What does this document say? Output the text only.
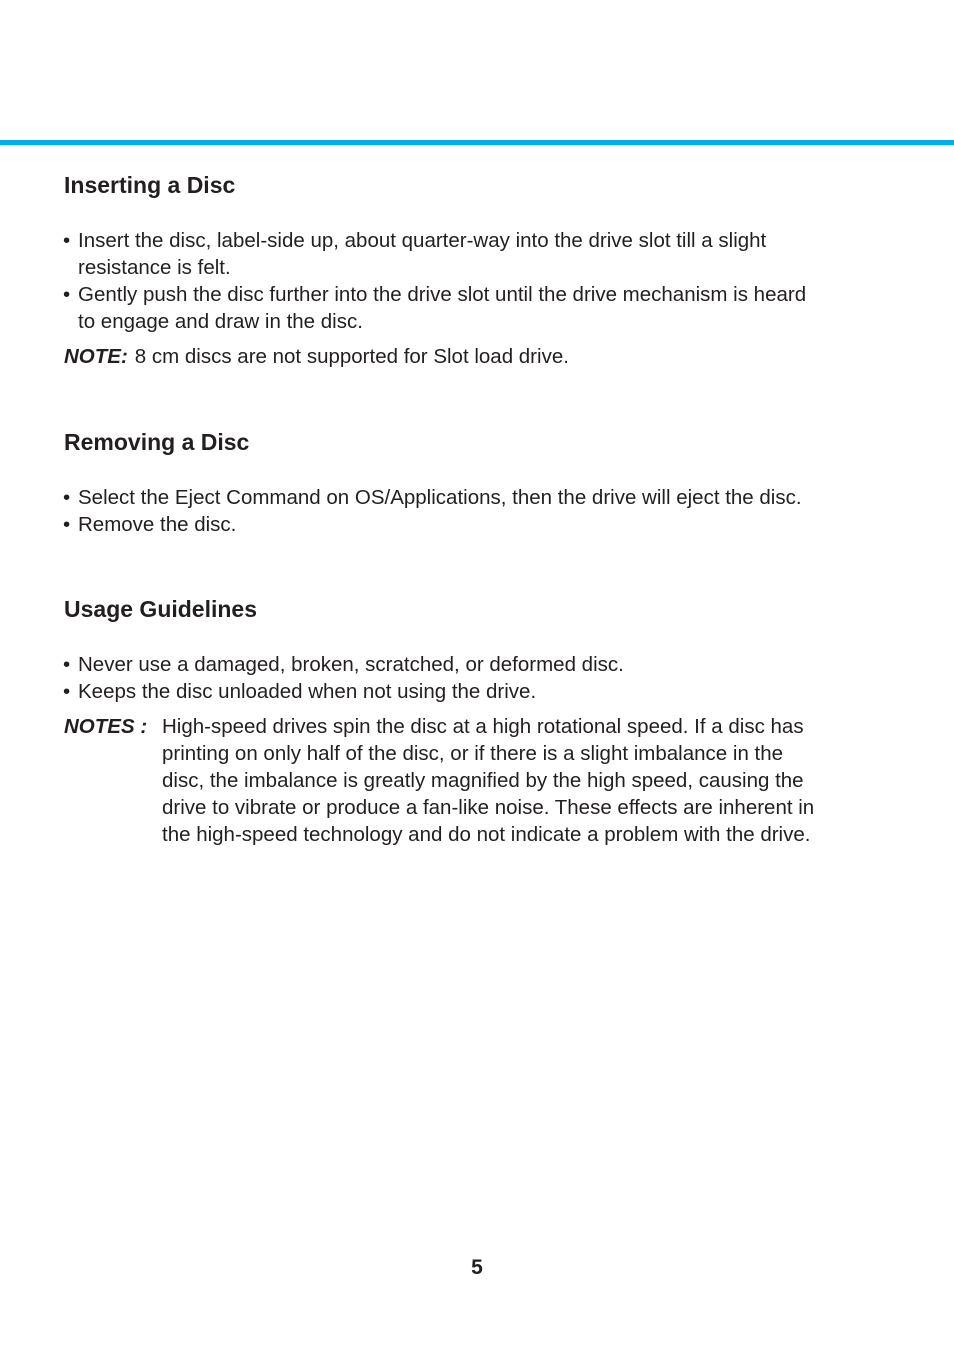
Inserting a Disc
• Insert the disc, label-side up, about quarter-way into the drive slot till a slight
resistance is felt.
• Gently push the disc further into the drive slot until the drive mechanism is heard
to engage and draw in the disc.

NOTE: 8 cm discs are not supported for Slot load drive.

Removing a Disc
• Select the Eject Command on OS/Applications, then the drive will eject the disc.
• Remove the disc.
Usage Guidelines
• Never use a damaged, broken, scratched, or deformed disc.
• Keeps the disc unloaded when not using the drive.
NOTES : High-speed drives spin the disc at a high rotational speed. If a disc has
printing on only half of the disc, or if there is a slight imbalance in the
disc, the imbalance is greatly magnified by the high speed, causing the
drive to vibrate or produce a fan-like noise. These effects are inherent in
the high-speed technology and do not indicate a problem with the drive.
5
